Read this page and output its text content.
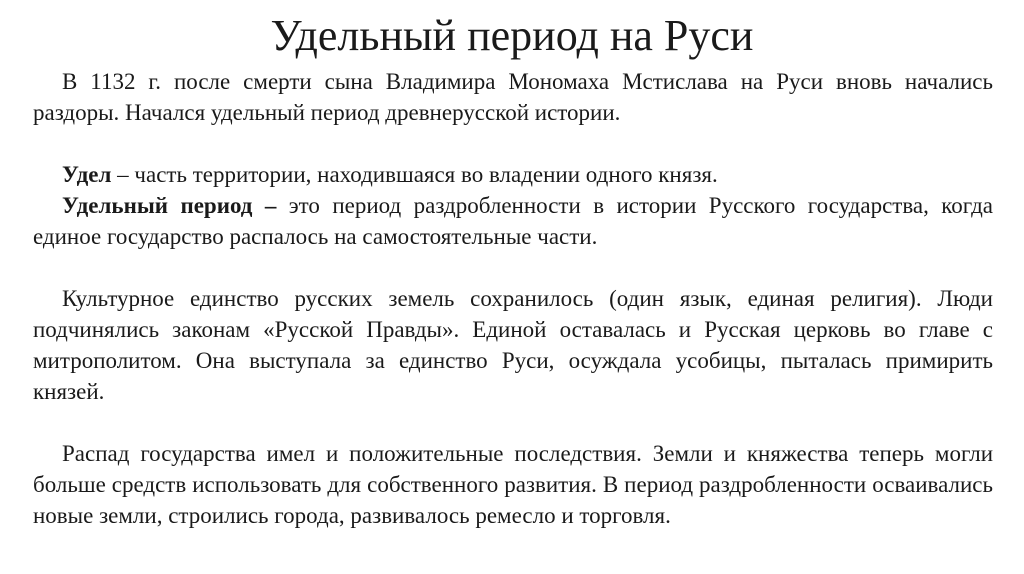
Удельный период на Руси

В 1132 г. после смерти сына Владимира Мономаха Мстислава на Руси вновь начались раздоры. Начался удельный период древнерусской истории.

Удел – часть территории, находившаяся во владении одного князя.

Удельный период – это период раздробленности в истории Русского государства, когда единое государство распалось на самостоятельные части.

Культурное единство русских земель сохранилось (один язык, единая религия). Люди подчинялись законам «Русской Правды». Единой оставалась и Русская церковь во главе с митрополитом. Она выступала за единство Руси, осуждала усобицы, пыталась примирить князей.

Распад государства имел и положительные последствия. Земли и княжества теперь могли больше средств использовать для собственного развития. В период раздробленности осваивались новые земли, строились города, развивалось ремесло и торговля.
